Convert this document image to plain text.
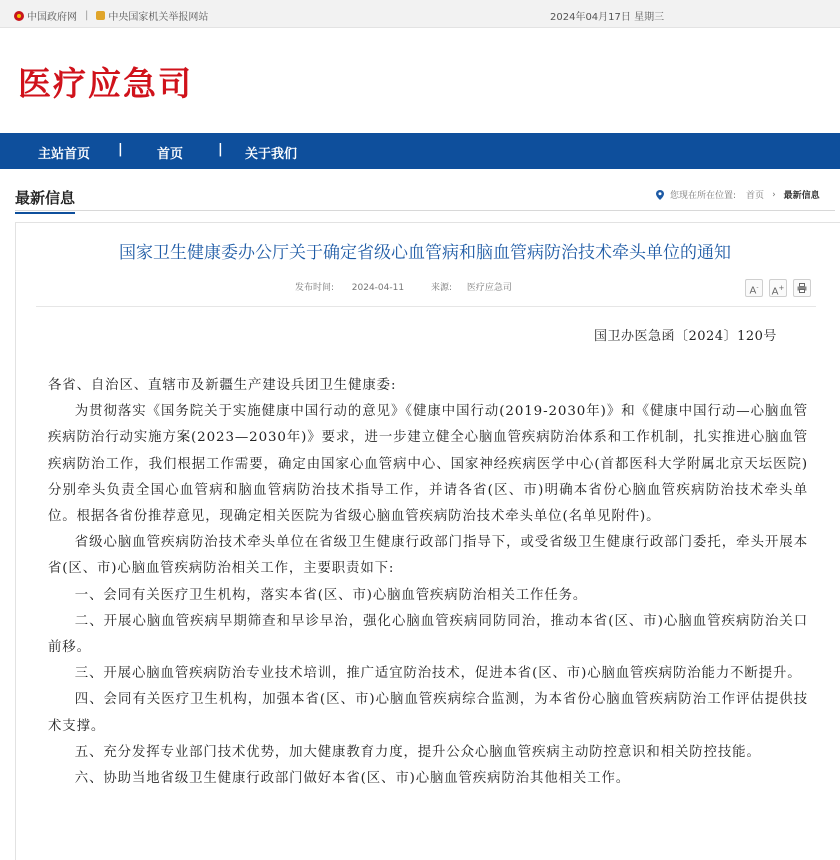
中国政府网 | 中央国家机关举报网站	2024年04月17日 星期三
医疗应急司
主站首页 |	首页	| 关于我们
最新信息	您现在所在位置: 首页 › 最新信息
国家卫生健康委办公厅关于确定省级心血管病和脑血管病防治技术牵头单位的通知
发布时间: 2024-04-11	来源: 医疗应急司	A-	A+
国卫办医急函〔2024〕120号

各省、自治区、直辖市及新疆生产建设兵团卫生健康委:

为贯彻落实《国务院关于实施健康中国行动的意见》《健康中国行动(2019-2030年)》和《健康中国行动—心脑血管疾病防治行动实施方案(2023—2030年)》要求，进一步建立健全心脑血管疾病防治体系和工作机制，扎实推进心脑血管疾病防治工作，我们根据工作需要，确定由国家心血管病中心、国家神经疾病医学中心(首都医科大学附属北京天坛医院)分别牵头负责全国心血管病和脑血管病防治技术指导工作，并请各省(区、市)明确本省份心脑血管疾病防治技术牵头单位。根据各省份推荐意见，现确定相关医院为省级心脑血管疾病防治技术牵头单位(名单见附件)。

省级心脑血管疾病防治技术牵头单位在省级卫生健康行政部门指导下，或受省级卫生健康行政部门委托，牵头开展本省(区、市)心脑血管疾病防治相关工作，主要职责如下:

一、会同有关医疗卫生机构，落实本省(区、市)心脑血管疾病防治相关工作任务。

二、开展心脑血管疾病早期筛查和早诊早治，强化心脑血管疾病同防同治，推动本省(区、市)心脑血管疾病防治关口前移。

三、开展心脑血管疾病防治专业技术培训，推广适宜防治技术，促进本省(区、市)心脑血管疾病防治能力不断提升。

四、会同有关医疗卫生机构，加强本省(区、市)心脑血管疾病综合监测，为本省份心脑血管疾病防治工作评估提供技术支撑。

五、充分发挥专业部门技术优势，加大健康教育力度，提升公众心脑血管疾病主动防控意识和相关防控技能。

六、协助当地省级卫生健康行政部门做好本省(区、市)心脑血管疾病防治其他相关工作。
